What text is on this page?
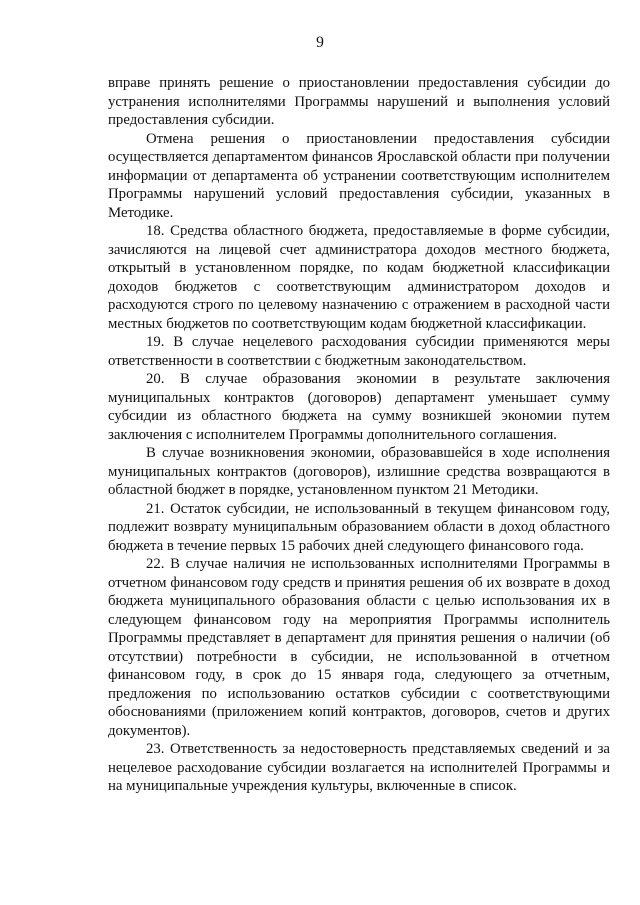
9

вправе принять решение о приостановлении предоставления субсидии до устранения исполнителями Программы нарушений и выполнения условий предоставления субсидии.

Отмена решения о приостановлении предоставления субсидии осуществляется департаментом финансов Ярославской области при получении информации от департамента об устранении соответствующим исполнителем Программы нарушений условий предоставления субсидии, указанных в Методике.

18. Средства областного бюджета, предоставляемые в форме субсидии, зачисляются на лицевой счет администратора доходов местного бюджета, открытый в установленном порядке, по кодам бюджетной классификации доходов бюджетов с соответствующим администратором доходов и расходуются строго по целевому назначению с отражением в расходной части местных бюджетов по соответствующим кодам бюджетной классификации.

19. В случае нецелевого расходования субсидии применяются меры ответственности в соответствии с бюджетным законодательством.

20. В случае образования экономии в результате заключения муниципальных контрактов (договоров) департамент уменьшает сумму субсидии из областного бюджета на сумму возникшей экономии путем заключения с исполнителем Программы дополнительного соглашения.

В случае возникновения экономии, образовавшейся в ходе исполнения муниципальных контрактов (договоров), излишние средства возвращаются в областной бюджет в порядке, установленном пунктом 21 Методики.

21. Остаток субсидии, не использованный в текущем финансовом году, подлежит возврату муниципальным образованием области в доход областного бюджета в течение первых 15 рабочих дней следующего финансового года.

22. В случае наличия не использованных исполнителями Программы в отчетном финансовом году средств и принятия решения об их возврате в доход бюджета муниципального образования области с целью использования их в следующем финансовом году на мероприятия Программы исполнитель Программы представляет в департамент для принятия решения о наличии (об отсутствии) потребности в субсидии, не использованной в отчетном финансовом году, в срок до 15 января года, следующего за отчетным, предложения по использованию остатков субсидии с соответствующими обоснованиями (приложением копий контрактов, договоров, счетов и других документов).

23. Ответственность за недостоверность представляемых сведений и за нецелевое расходование субсидии возлагается на исполнителей Программы и на муниципальные учреждения культуры, включенные в список.
